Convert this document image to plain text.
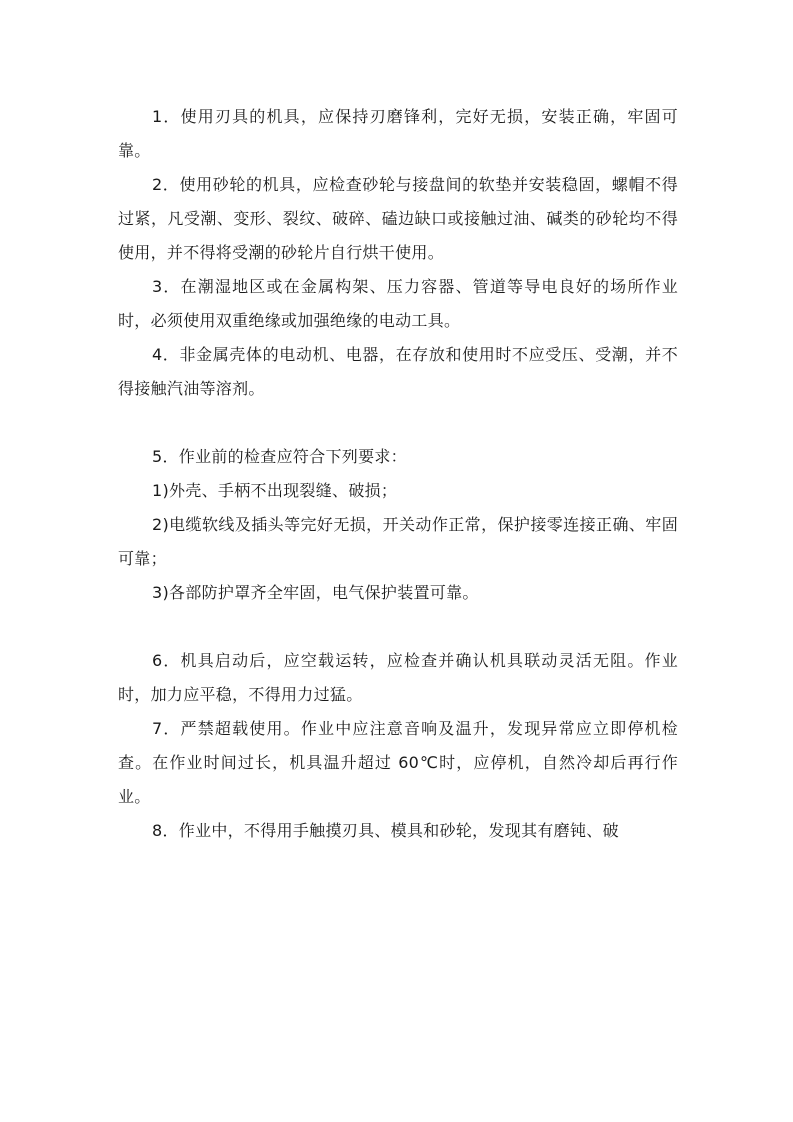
1．使用刃具的机具，应保持刃磨锋利，完好无损，安装正确，牢固可靠。

2．使用砂轮的机具，应检查砂轮与接盘间的软垫并安装稳固，螺帽不得过紧，凡受潮、变形、裂纹、破碎、磕边缺口或接触过油、碱类的砂轮均不得使用，并不得将受潮的砂轮片自行烘干使用。

3．在潮湿地区或在金属构架、压力容器、管道等导电良好的场所作业时，必须使用双重绝缘或加强绝缘的电动工具。

4．非金属壳体的电动机、电器，在存放和使用时不应受压、受潮，并不得接触汽油等溶剂。

5．作业前的检查应符合下列要求：

1)外壳、手柄不出现裂缝、破损；

2)电缆软线及插头等完好无损，开关动作正常，保护接零连接正确、牢固可靠；

3)各部防护罩齐全牢固，电气保护装置可靠。

6．机具启动后，应空载运转，应检查并确认机具联动灵活无阻。作业时，加力应平稳，不得用力过猛。

7．严禁超载使用。作业中应注意音响及温升，发现异常应立即停机检查。在作业时间过长，机具温升超过 60℃时，应停机，自然冷却后再行作业。

8．作业中，不得用手触摸刃具、模具和砂轮，发现其有磨钝、破
